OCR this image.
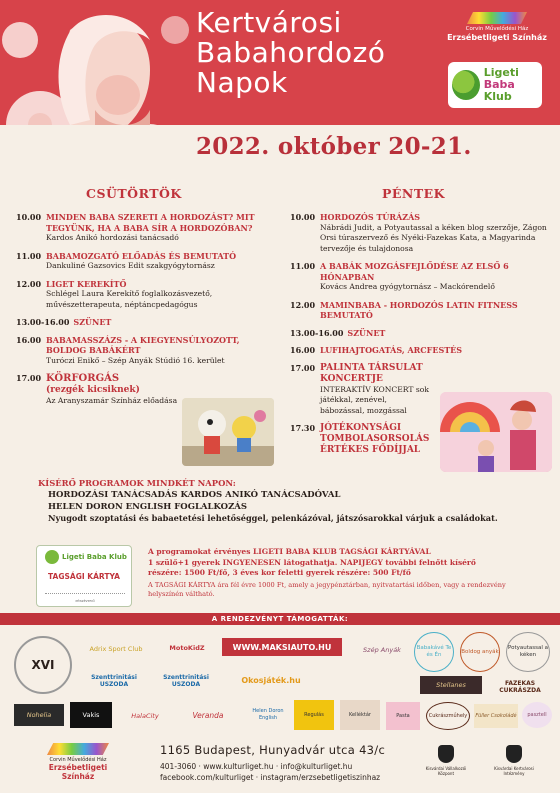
Kertvárosi
Babahordozó
Napok
Corvin Művelődési Ház
Erzsébetligeti Színház
Ligeti
Baba Klub
2022. október 20-21.
CSÜTÖRTÖK	PÉNTEK
10.00 MINDEN BABA SZERETI A HORDOZÁST? MIT TEGYÜNK, HA A BABA SÍR A HORDOZÓBAN?
Kardos Anikó hordozási tanácsadó
11.00 BABAMOZGATÓ ELŐADÁS ÉS BEMUTATÓ
Dankuliné Gazsovics Edit szakgyógytornász
12.00 LIGET KEREKÍTŐ
Schlégel Laura Kerekítő foglalkozásvezető, művészetterapeuta, néptáncpedagógus
13.00-16.00 SZÜNET
16.00 BABAMASSZÁZS - A KIEGYENSÚLYOZOTT, BOLDOG BABÁKÉRT
Turóczi Enikő – Szép Anyák Stúdió 16. kerület
17.00 KÖRFORGÁS
(rezgék kicsiknek)
Az Aranyszamár Színház előadása
10.00 HORDOZÓS TÚRÁZÁS
Nábrádi Judit, a Potyautassal a kéken blog szerzője, Zágon Orsi túraszervező és Nyéki-Fazekas Kata, a Magyarinda tervezője és tulajdonosa
11.00 A BABÁK MOZGÁSFEJLŐDÉSE AZ ELSŐ 6 HÓNAPBAN
Kovács Andrea gyógytornász – Mackórendelő
12.00 MAMINBABA - HORDOZÓS LATIN FITNESS BEMUTATÓ
13.00-16.00 SZÜNET
16.00 LUFIHAJTOGATÁS, ARCFESTÉS
17.00 PALINTA TÁRSULAT KONCERTJE
INTERAKTÍV KONCERT sok játékkal, zenével, bábozással, mozgással
17.30 JÓTÉKONYSÁGI TOMBOLASORSOLÁS ÉRTÉKES FŐDÍJJAL
KÍSÉRŐ PROGRAMOK MINDKÉT NAPON:
HORDOZÁSI TANÁCSADÁS KARDOS ANIKÓ TANÁCSADÓVAL
HELEN DORON ENGLISH FOGLALKOZÁS
Nyugodt szoptatási és babaetetési lehetőséggel, pelenkázóval, játszósarokkal várjuk a családokat.
Ligeti Baba Klub
TAGSÁGI KÁRTYA
résztvevő
A programokat érvényes LIGETI BABA KLUB TAGSÁGI KÁRTYÁVAL
1 szülő+1 gyerek INGYENESEN látogathatja. NAPIJEGY további felnőtt kísérő
részére: 1500 Ft/fő, 3 éves kor feletti gyerek részére: 500 Ft/fő
A TAGSÁGI KÁRTYA ára fél évre 1000 Ft, amely a jegypénztárban, nyitvatartási időben, vagy a rendezvény helyszínén váltható.
A RENDEZVÉNYT TÁMOGATTÁK:
XVI
Adrix Sport Club	MotoKidZ	WWW.MAKSIAUTO.HU	Szép Anyák	Babakávé Te és Én
Boldog anyák
Potyautassal a kéken
Szenttrinitási USZODA
Szenttrinitási USZODA	Okosjáték.hu	Stellanes	FAZEKAS CUKRÁSZDA
Nohelia	Vakis	HalaCity	Veranda	Helen Doron English
Regulás	Kelléktár	Pasta	Cukrászműhely Füller Csokoládé pasztell
Corvin Művelődési Ház
Erzsébetligeti Színház
1165 Budapest, Hunyadvár utca 43/c
401-3060 · www.kulturliget.hu · info@kulturliget.hu
facebook.com/kulturliget · instagram/erzsebetligetiszinhaz
Kisvárdai Vállalkozói Központ
Kisvárdai Kertvárosi Intézmény
